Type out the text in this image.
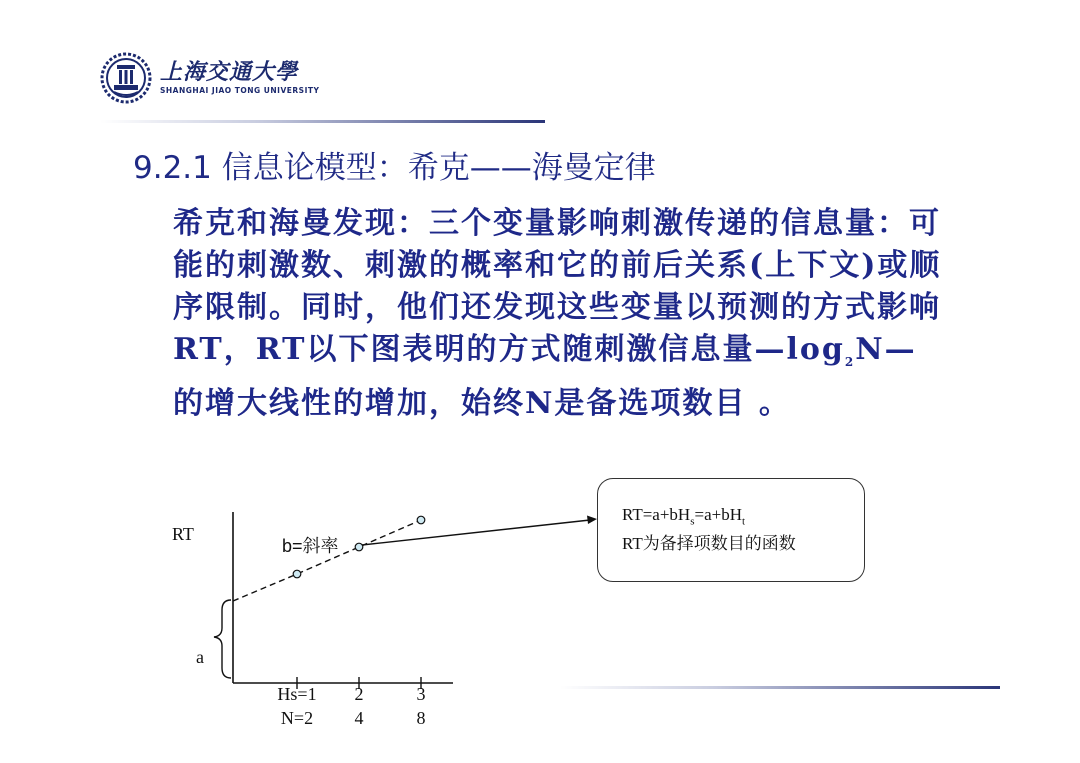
上海交通大學
SHANGHAI JIAO TONG UNIVERSITY
9.2.1 信息论模型：希克——海曼定律

希克和海曼发现：三个变量影响刺激传递的信息量：可能的刺激数、刺激的概率和它的前后关系(上下文)或顺序限制。同时，他们还发现这些变量以预测的方式影响RT，RT以下图表明的方式随刺激信息量$—\log_2N—$的增大线性的增加，始终N是备选项数目 。

RT
a
b=斜率
Hs=1
N=2
2
4
3
8
$RT=a+bH_s=a+bH_t$
RT为备择项数目的函数
